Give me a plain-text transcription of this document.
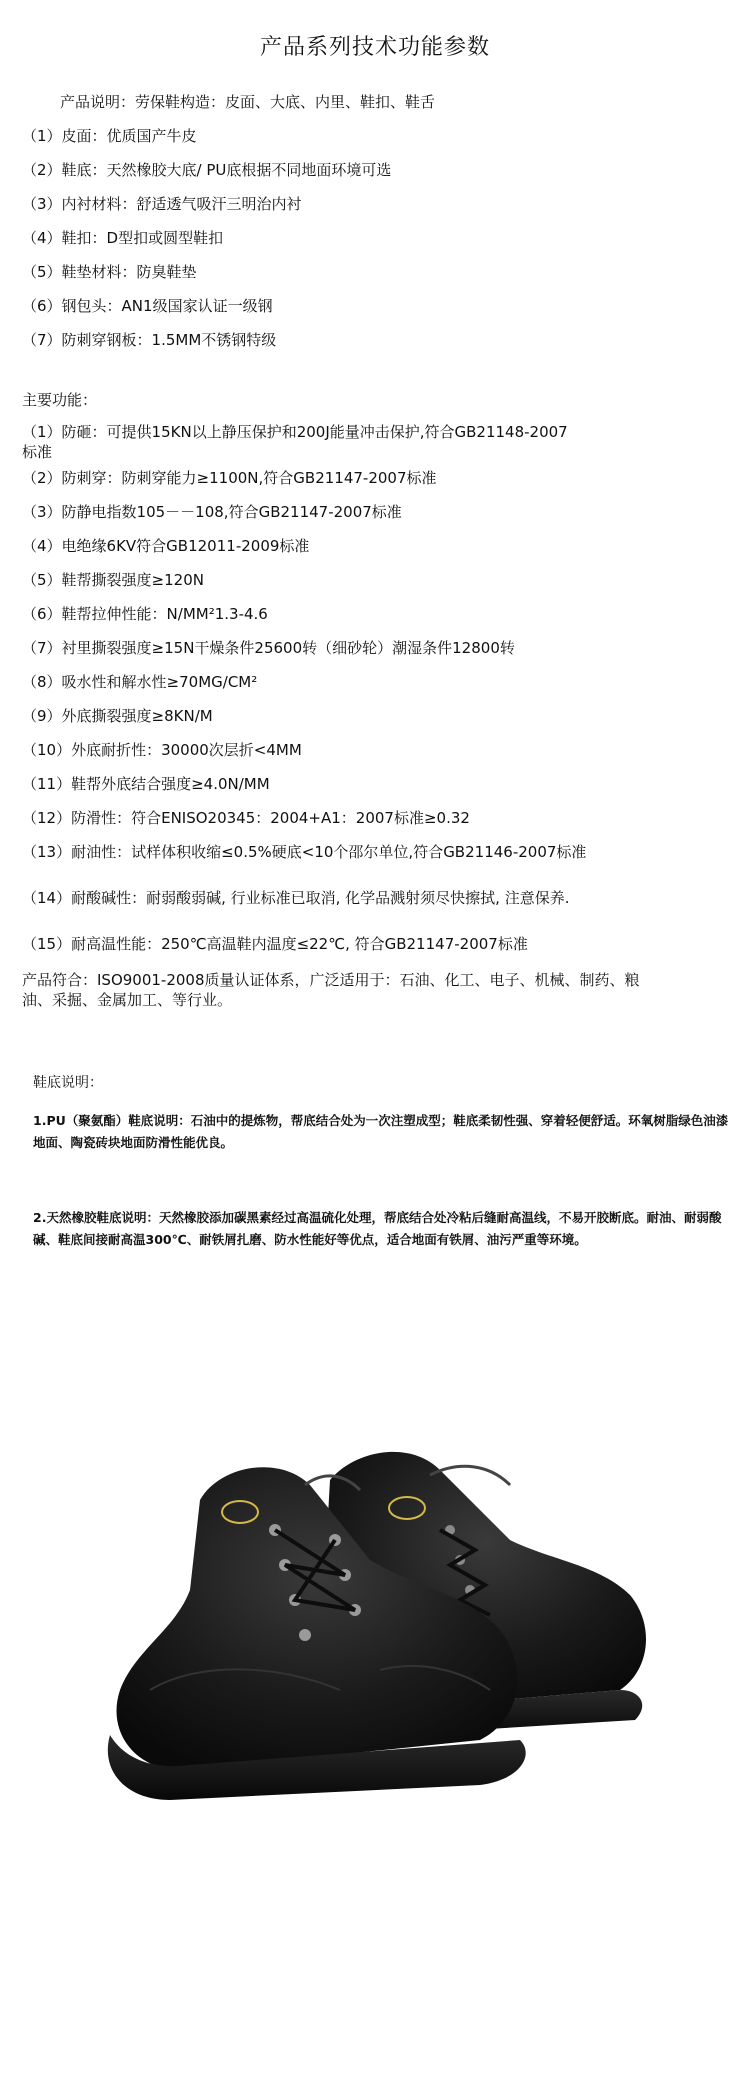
产品系列技术功能参数
产品说明：劳保鞋构造：皮面、大底、内里、鞋扣、鞋舌
（1）皮面：优质国产牛皮
（2）鞋底：天然橡胶大底/ PU底根据不同地面环境可选
（3）内衬材料：舒适透气吸汗三明治内衬
（4）鞋扣：D型扣或圆型鞋扣
（5）鞋垫材料：防臭鞋垫
（6）钢包头：AN1级国家认证一级钢
（7）防刺穿钢板：1.5MM不锈钢特级
主要功能：
（1）防砸：可提供15KN以上静压保护和200J能量冲击保护,符合GB21148-2007标准
（2）防刺穿：防刺穿能力≥1100N,符合GB21147-2007标准
（3）防静电指数105－－108,符合GB21147-2007标准
（4）电绝缘6KV符合GB12011-2009标准
（5）鞋帮撕裂强度≥120N
（6）鞋帮拉伸性能：N/MM²1.3-4.6
（7）衬里撕裂强度≥15N干燥条件25600转（细砂轮）潮湿条件12800转
（8）吸水性和解水性≥70MG/CM²
（9）外底撕裂强度≥8KN/M
（10）外底耐折性：30000次层折<4MM
（11）鞋帮外底结合强度≥4.0N/MM
（12）防滑性：符合ENISO20345：2004+A1：2007标准≥0.32
（13）耐油性：试样体积收缩≤0.5%硬底<10个邵尔单位,符合GB21146-2007标准
（14）耐酸碱性：耐弱酸弱碱, 行业标准已取消, 化学品溅射须尽快擦拭, 注意保养.
（15）耐高温性能：250℃高温鞋内温度≤22℃, 符合GB21147-2007标准
产品符合：ISO9001-2008质量认证体系，广泛适用于：石油、化工、电子、机械、制药、粮油、采掘、金属加工、等行业。
鞋底说明：
1.PU（聚氨酯）鞋底说明：石油中的提炼物，帮底结合处为一次注塑成型；鞋底柔韧性强、穿着轻便舒适。环氧树脂绿色油漆地面、陶瓷砖块地面防滑性能优良。
2.天然橡胶鞋底说明：天然橡胶添加碳黑素经过高温硫化处理，帮底结合处冷粘后缝耐高温线，不易开胶断底。耐油、耐弱酸碱、鞋底间接耐高温300℃、耐铁屑扎磨、防水性能好等优点，适合地面有铁屑、油污严重等环境。
